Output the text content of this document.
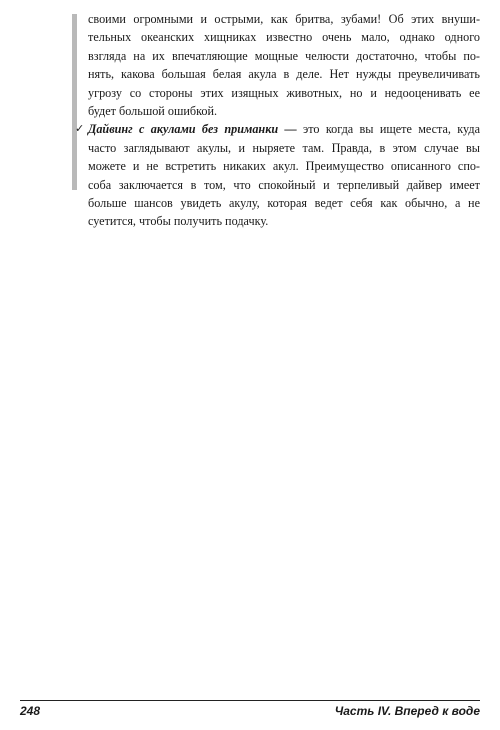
своими огромными и острыми, как бритва, зубами! Об этих внуши-
тельных океанских хищниках известно очень мало, однако одного
взгляда на их впечатляющие мощные челюсти достаточно, чтобы по-
нять, какова большая белая акула в деле. Нет нужды преувеличивать
угрозу со стороны этих изящных животных, но и недооценивать ее
будет большой ошибкой.
✓ Дайвинг с акулами без приманки — это когда вы ищете места, куда
часто заглядывают акулы, и ныряете там. Правда, в этом случае вы
можете и не встретить никаких акул. Преимущество описанного спо-
соба заключается в том, что спокойный и терпеливый дайвер имеет
больше шансов увидеть акулу, которая ведет себя как обычно, а не
суетится, чтобы получить подачку.
248	Часть IV. Вперед к воде
